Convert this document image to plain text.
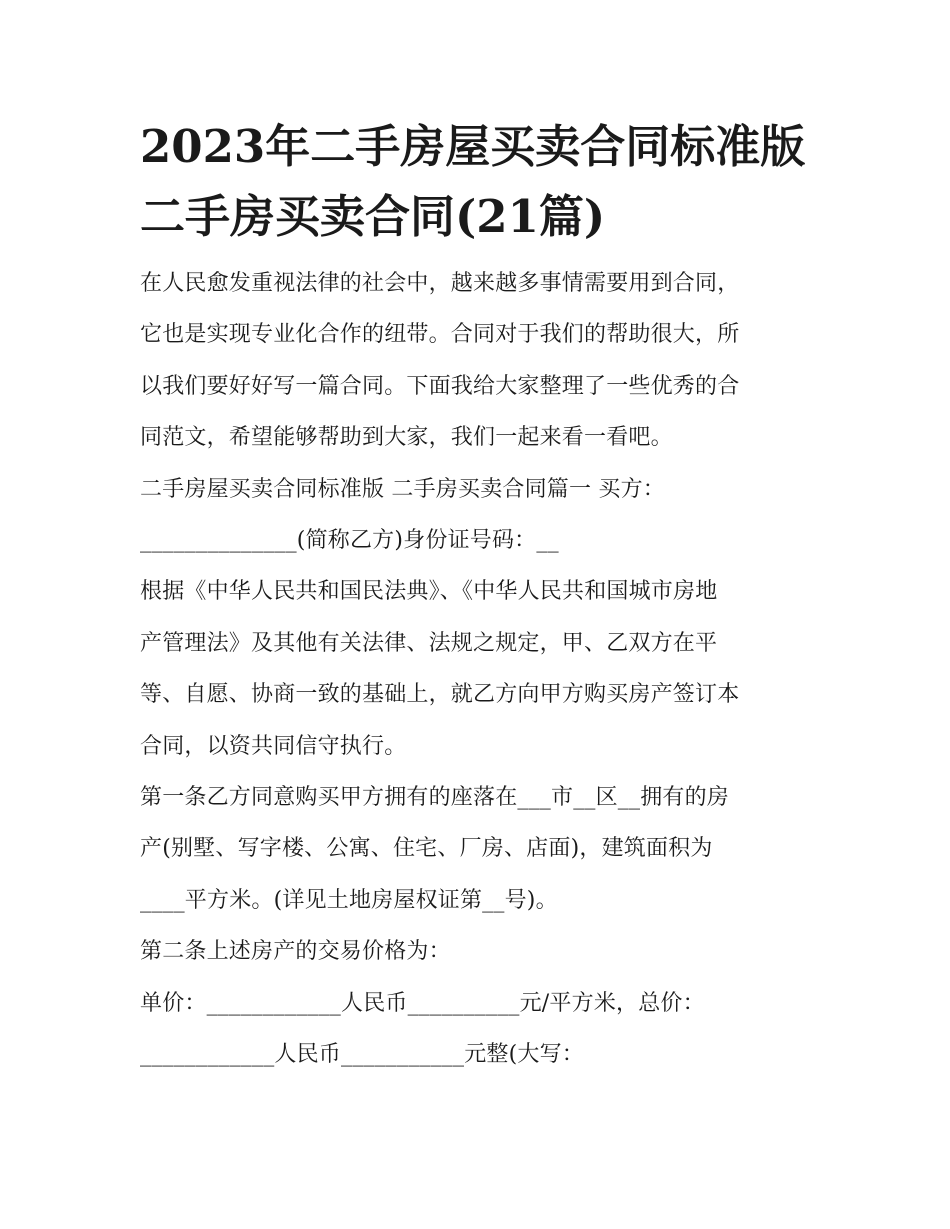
2023年二手房屋买卖合同标准版
二手房买卖合同(21篇)

在人民愈发重视法律的社会中，越来越多事情需要用到合同，

它也是实现专业化合作的纽带。合同对于我们的帮助很大，所

以我们要好好写一篇合同。下面我给大家整理了一些优秀的合

同范文，希望能够帮助到大家，我们一起来看一看吧。

二手房屋买卖合同标准版 二手房买卖合同篇一 买方：

______________(简称乙方)身份证号码：__

根据《中华人民共和国民法典》、《中华人民共和国城市房地

产管理法》及其他有关法律、法规之规定，甲、乙双方在平

等、自愿、协商一致的基础上，就乙方向甲方购买房产签订本

合同，以资共同信守执行。

第一条乙方同意购买甲方拥有的座落在___市__区__拥有的房

产(别墅、写字楼、公寓、住宅、厂房、店面)，建筑面积为

____平方米。(详见土地房屋权证第__号)。

第二条上述房产的交易价格为：

单价：____________人民币__________元/平方米，总价：

____________人民币___________元整(大写：
